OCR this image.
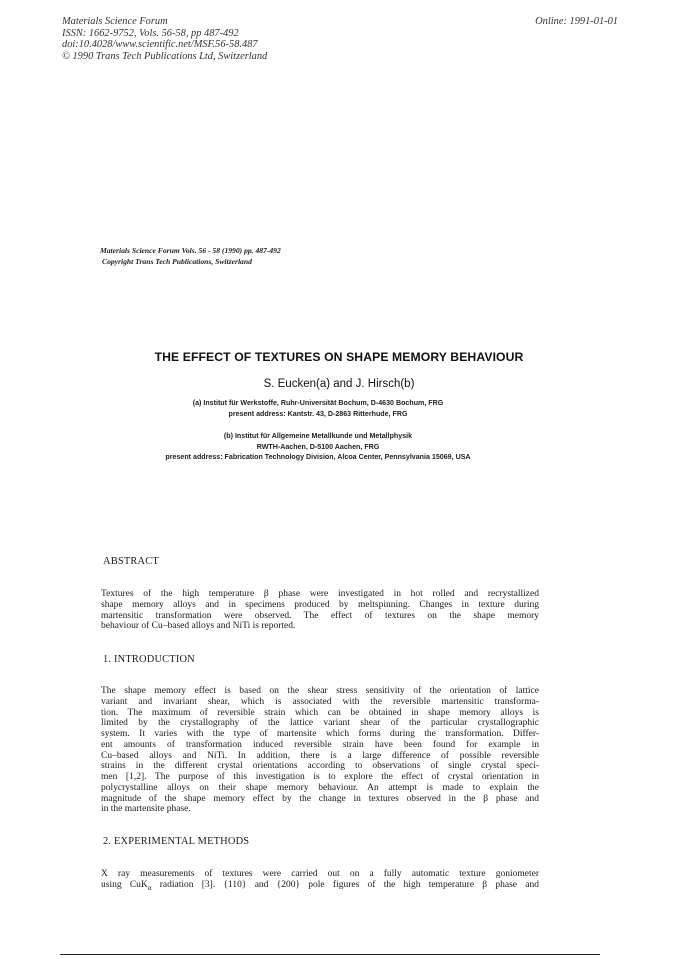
Materials Science Forum
ISSN: 1662-9752, Vols. 56-58, pp 487-492
doi:10.4028/www.scientific.net/MSF.56-58.487
© 1990 Trans Tech Publications Ltd, Switzerland
Online: 1991-01-01
Materials Science Forum Vols. 56 - 58 (1990) pp. 487-492
Copyright Trans Tech Publications, Switzerland
THE EFFECT OF TEXTURES ON SHAPE MEMORY BEHAVIOUR
S. Eucken(a) and J. Hirsch(b)
(a) Institut für Werkstoffe, Ruhr-Universität Bochum, D-4630 Bochum, FRG
present address: Kantstr. 43, D-2863 Ritterhude, FRG
(b) Institut für Allgemeine Metallkunde und Metallphysik
RWTH-Aachen, D-5100 Aachen, FRG
present address: Fabrication Technology Division, Alcoa Center, Pennsylvania 15069, USA
ABSTRACT
Textures of the high temperature β phase were investigated in hot rolled and recrystallized
shape memory alloys and in specimens produced by meltspinning. Changes in texture during
martensitic transformation were observed. The effect of textures on the shape memory
behaviour of Cu–based alloys and NiTi is reported.
1. INTRODUCTION
The shape memory effect is based on the shear stress sensitivity of the orientation of lattice
variant and invariant shear, which is associated with the reversible martensitic transforma-
tion. The maximum of reversible strain which can be obtained in shape memory alloys is
limited by the crystallography of the lattice variant shear of the particular crystallographic
system. It varies with the type of martensite which forms during the transformation. Differ-
ent amounts of transformation induced reversible strain have been found for example in
Cu–based alloys and NiTi. In addition, there is a large difference of possible reversible
strains in the different crystal orientations according to observations of single crystal speci-
men [1,2]. The purpose of this investigation is to explore the effect of crystal orientation in
polycrystalline alloys on their shape memory behaviour. An attempt is made to explain the
magnitude of the shape memory effect by the change in textures observed in the β phase and
in the martensite phase.
2. EXPERIMENTAL METHODS
X ray measurements of textures were carried out on a fully automatic texture goniometer
using CuK$_\alpha$ radiation [3]. {110} and {200} pole figures of the high temperature β phase and
